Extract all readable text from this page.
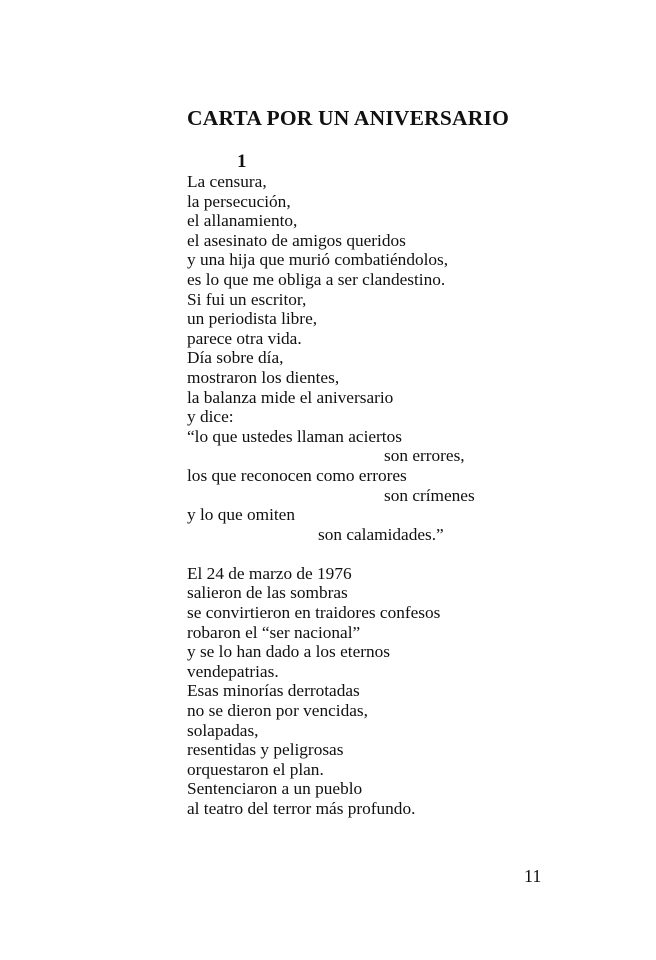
CARTA POR UN ANIVERSARIO
1
La censura,
la persecución,
el allanamiento,
el asesinato de amigos queridos
y una hija que murió combatiéndolos,
es lo que me obliga a ser clandestino.
Si fui un escritor,
un periodista libre,
parece otra vida.
Día sobre día,
mostraron los dientes,
la balanza mide el aniversario
y dice:
“lo que ustedes llaman aciertos
son errores,
los que reconocen como errores
son crímenes
y lo que omiten
son calamidades.”
El 24 de marzo de 1976
salieron de las sombras
se convirtieron en traidores confesos
robaron el “ser nacional”
y se lo han dado a los eternos
vendepatrias.
Esas minorías derrotadas
no se dieron por vencidas,
solapadas,
resentidas y peligrosas
orquestaron el plan.
Sentenciaron a un pueblo
al teatro del terror más profundo.
11
